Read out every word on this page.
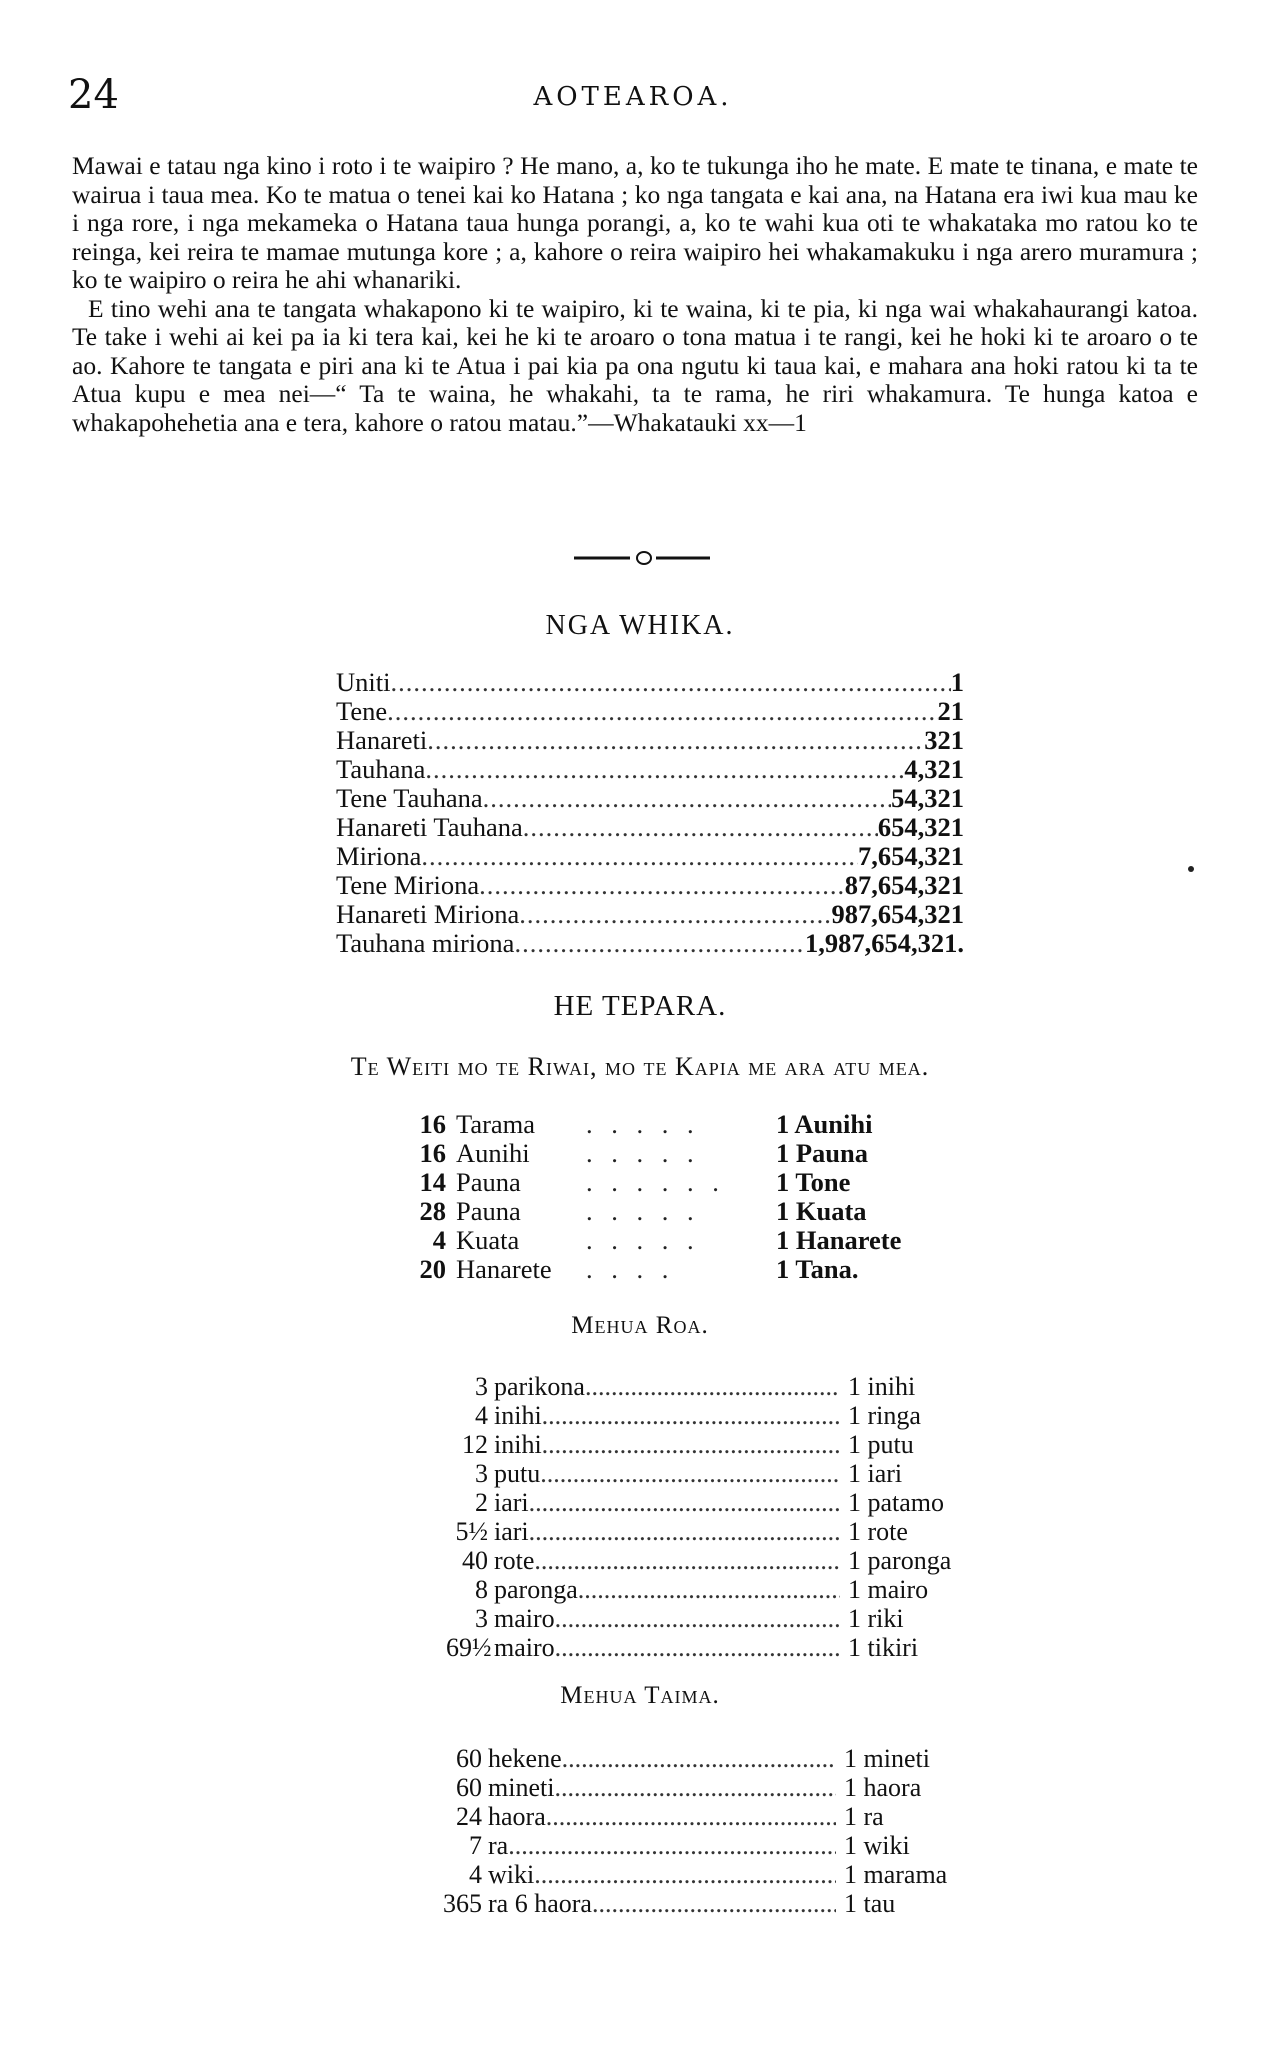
24	AOTEAROA.

Mawai e tatau nga kino i roto i te waipiro ? He mano, a, ko te tukunga iho he mate. E mate te tinana, e mate te wairua i taua mea. Ko te matua o tenei kai ko Hatana ; ko nga tangata e kai ana, na Hatana era iwi kua mau ke i nga rore, i nga mekameka o Hatana taua hunga porangi, a, ko te wahi kua oti te whakataka mo ratou ko te reinga, kei reira te mamae mutunga kore ; a, kahore o reira waipiro hei whakamakuku i nga arero muramura ; ko te waipiro o reira he ahi whanariki.

E tino wehi ana te tangata whakapono ki te waipiro, ki te waina, ki te pia, ki nga wai whakahaurangi katoa. Te take i wehi ai kei pa ia ki tera kai, kei he ki te aroaro o tona matua i te rangi, kei he hoki ki te aroaro o te ao. Kahore te tangata e piri ana ki te Atua i pai kia pa ona ngutu ki taua kai, e mahara ana hoki ratou ki ta te Atua kupu e mea nei—“ Ta te waina, he whakahi, ta te rama, he riri whakamura. Te hunga katoa e whakapohehetia ana e tera, kahore o ratou matau.”—Whakatauki xx—1

NGA WHIKA.
Uniti .....	1
Tene .....	21
Hanareti .....	321
Tauhana .....	4,321
Tene Tauhana .....	54,321
Hanareti Tauhana .....	654,321
Miriona .....	7,654,321
Tene Miriona .....	87,654,321
Hanareti Miriona .....	987,654,321
Tauhana miriona .....	1,987,654,321.
HE TEPARA.
Te Weiti mo te Riwai, mo te Kapia me ara atu mea.
16 Tarama	. . . . .	1 Aunihi
16 Aunihi	. . . . .	1 Pauna
14 Pauna	. . . . . .	1 Tone
28 Pauna	. . . . .	1 Kuata
4 Kuata	. . . . .	1 Hanarete
20 Hanarete	. . . .	1 Tana.
Mehua Roa.
3 parikona .....	1 inihi
4 inihi .....	1 ringa
12 inihi .....	1 putu
3 putu .....	1 iari
2 iari .....	1 patamo
5½ iari .....	1 rote
40 rote .....	1 paronga
8 paronga .....	1 mairo
3 mairo .....	1 riki
69½ mairo .....	1 tikiri
Mehua Taima.
60 hekene .....	1 mineti
60 mineti .....	1 haora
24 haora .....	1 ra
7 ra .....	1 wiki
4 wiki .....	1 marama
365 ra 6 haora .....	1 tau
